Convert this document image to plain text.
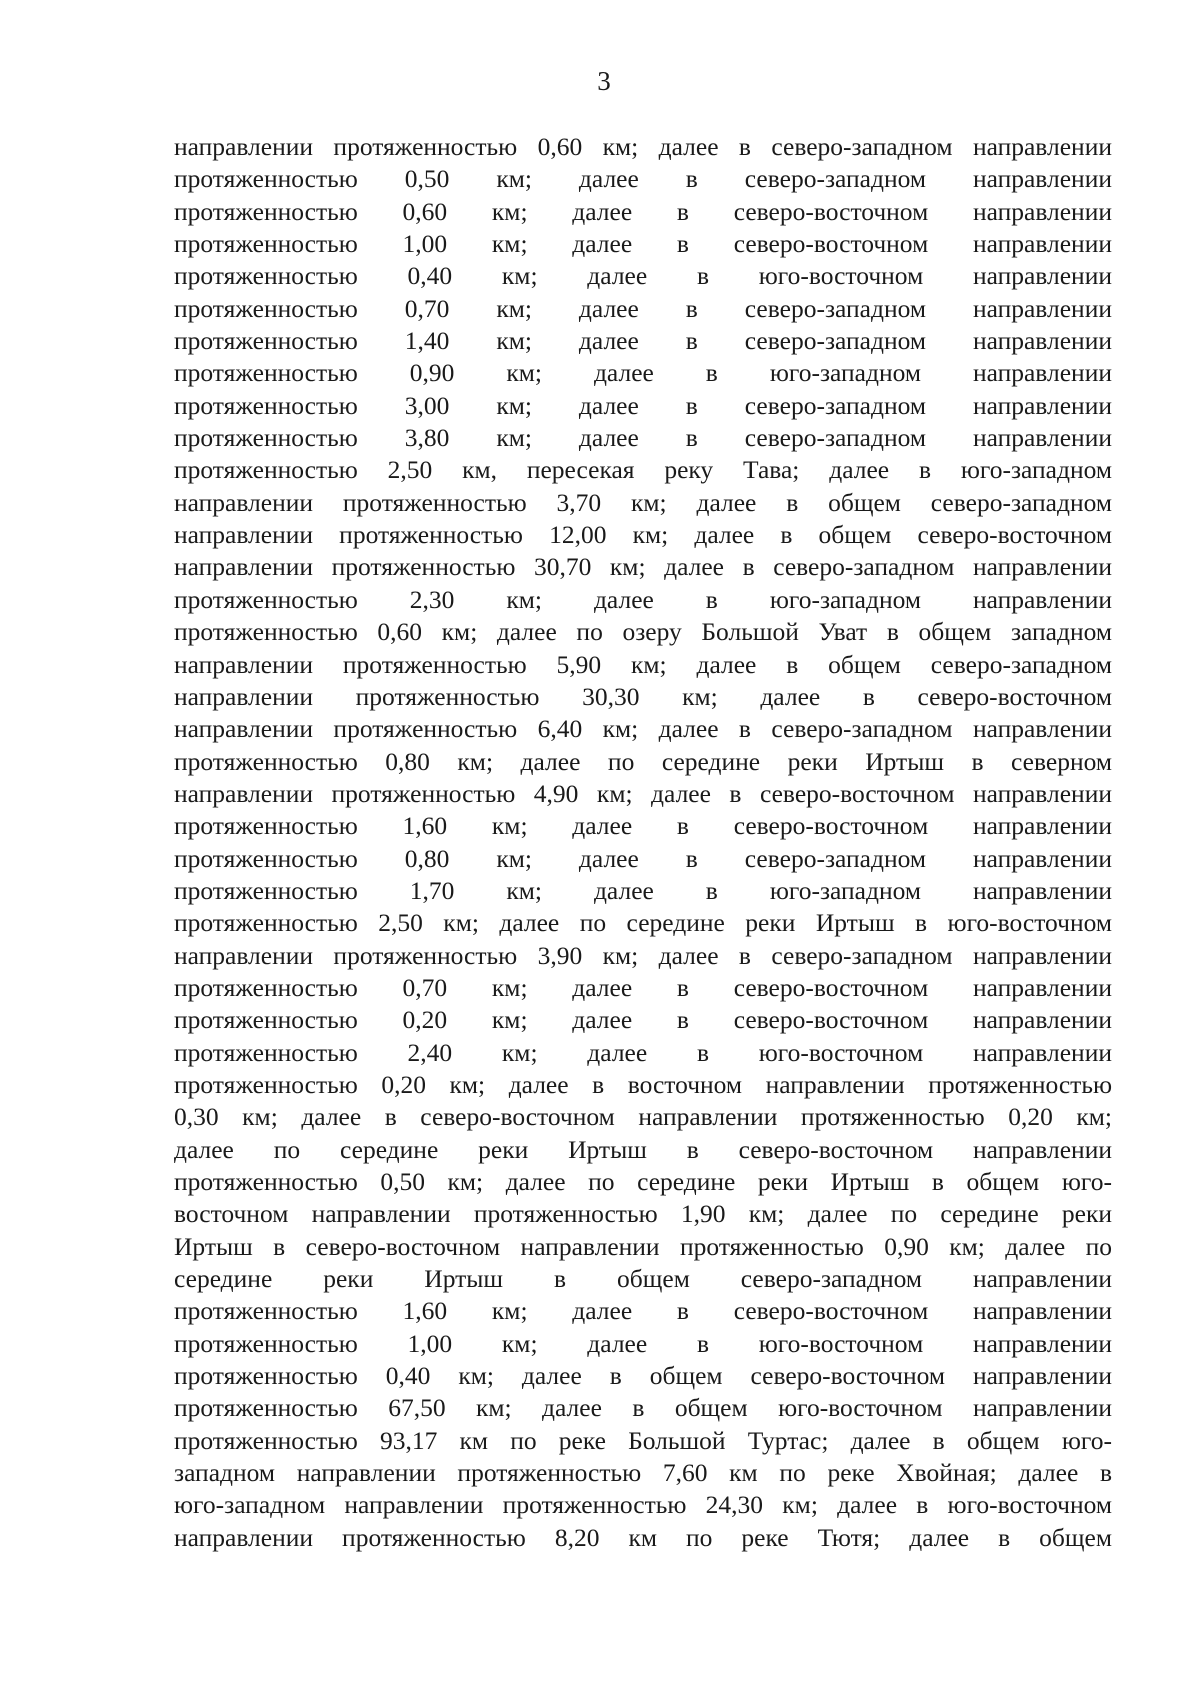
3
направлении протяженностью 0,60 км; далее в северо-западном направлении
протяженностью 0,50 км; далее в северо-западном направлении
протяженностью 0,60 км; далее в северо-восточном направлении
протяженностью 1,00 км; далее в северо-восточном направлении
протяженностью 0,40 км; далее в юго-восточном направлении
протяженностью 0,70 км; далее в северо-западном направлении
протяженностью 1,40 км; далее в северо-западном направлении
протяженностью 0,90 км; далее в юго-западном направлении
протяженностью 3,00 км; далее в северо-западном направлении
протяженностью 3,80 км; далее в северо-западном направлении
протяженностью 2,50 км, пересекая реку Тава; далее в юго-западном
направлении протяженностью 3,70 км; далее в общем северо-западном
направлении протяженностью 12,00 км; далее в общем северо-восточном
направлении протяженностью 30,70 км; далее в северо-западном направлении
протяженностью 2,30 км; далее в юго-западном направлении
протяженностью 0,60 км; далее по озеру Большой Уват в общем западном
направлении протяженностью 5,90 км; далее в общем северо-западном
направлении протяженностью 30,30 км; далее в северо-восточном
направлении протяженностью 6,40 км; далее в северо-западном направлении
протяженностью 0,80 км; далее по середине реки Иртыш в северном
направлении протяженностью 4,90 км; далее в северо-восточном направлении
протяженностью 1,60 км; далее в северо-восточном направлении
протяженностью 0,80 км; далее в северо-западном направлении
протяженностью 1,70 км; далее в юго-западном направлении
протяженностью 2,50 км; далее по середине реки Иртыш в юго-восточном
направлении протяженностью 3,90 км; далее в северо-западном направлении
протяженностью 0,70 км; далее в северо-восточном направлении
протяженностью 0,20 км; далее в северо-восточном направлении
протяженностью 2,40 км; далее в юго-восточном направлении
протяженностью 0,20 км; далее в восточном направлении протяженностью
0,30 км; далее в северо-восточном направлении протяженностью 0,20 км;
далее по середине реки Иртыш в северо-восточном направлении
протяженностью 0,50 км; далее по середине реки Иртыш в общем юго-
восточном направлении протяженностью 1,90 км; далее по середине реки
Иртыш в северо-восточном направлении протяженностью 0,90 км; далее по
середине реки Иртыш в общем северо-западном направлении
протяженностью 1,60 км; далее в северо-восточном направлении
протяженностью 1,00 км; далее в юго-восточном направлении
протяженностью 0,40 км; далее в общем северо-восточном направлении
протяженностью 67,50 км; далее в общем юго-восточном направлении
протяженностью 93,17 км по реке Большой Туртас; далее в общем юго-
западном направлении протяженностью 7,60 км по реке Хвойная; далее в
юго-западном направлении протяженностью 24,30 км; далее в юго-восточном
направлении протяженностью 8,20 км по реке Тютя; далее в общем
